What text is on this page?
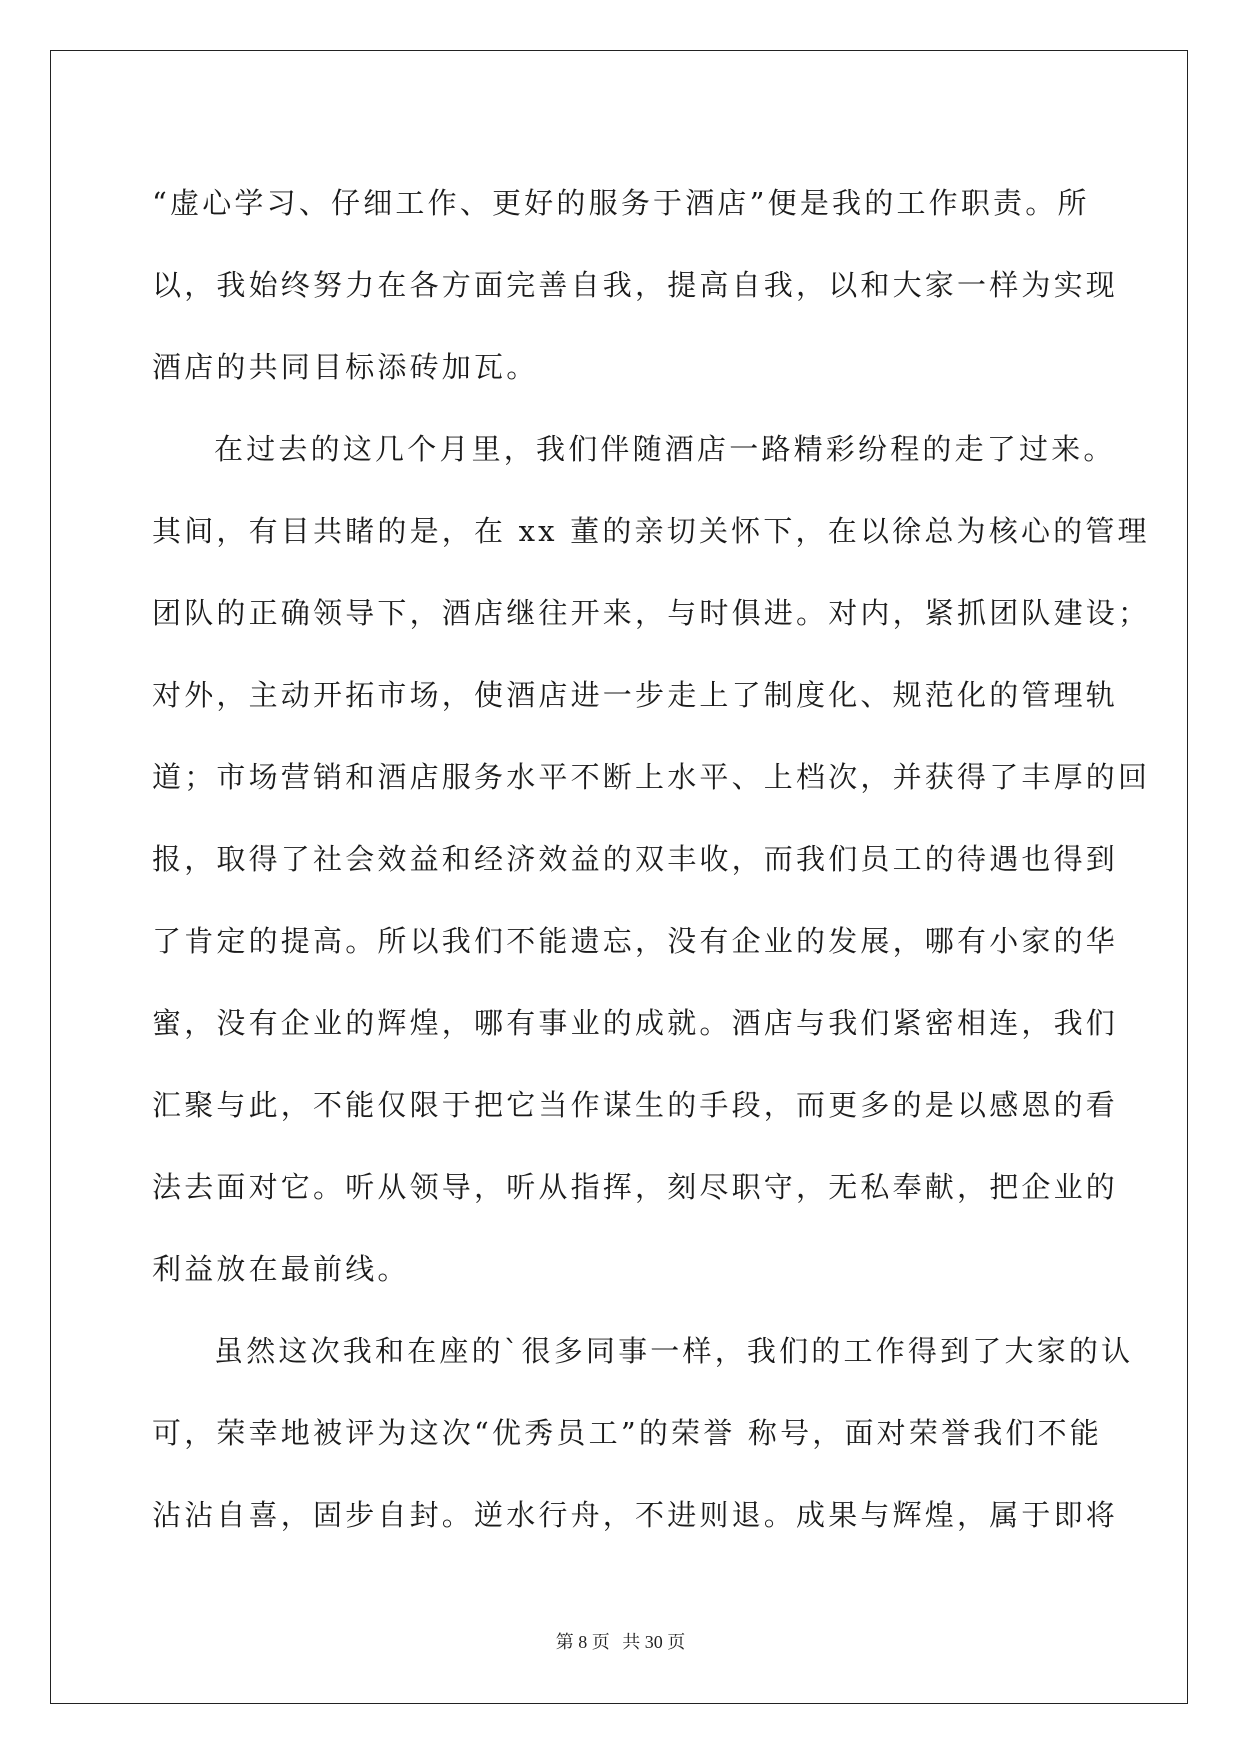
“虚心学习、仔细工作、更好的服务于酒店”便是我的工作职责。所
以，我始终努力在各方面完善自我，提高自我，以和大家一样为实现
酒店的共同目标添砖加瓦。
在过去的这几个月里，我们伴随酒店一路精彩纷程的走了过来。
其间，有目共睹的是，在 xx 董的亲切关怀下，在以徐总为核心的管理
团队的正确领导下，酒店继往开来，与时俱进。对内，紧抓团队建设；
对外，主动开拓市场，使酒店进一步走上了制度化、规范化的管理轨
道；市场营销和酒店服务水平不断上水平、上档次，并获得了丰厚的回
报，取得了社会效益和经济效益的双丰收，而我们员工的待遇也得到
了肯定的提高。所以我们不能遗忘，没有企业的发展，哪有小家的华
蜜，没有企业的辉煌，哪有事业的成就。酒店与我们紧密相连，我们
汇聚与此，不能仅限于把它当作谋生的手段，而更多的是以感恩的看
法去面对它。听从领导，听从指挥，刻尽职守，无私奉献，把企业的
利益放在最前线。
虽然这次我和在座的`很多同事一样，我们的工作得到了大家的认
可，荣幸地被评为这次“优秀员工”的荣誉 称号，面对荣誉我们不能
沾沾自喜，固步自封。逆水行舟，不进则退。成果与辉煌，属于即将
第 8 页 共 30 页
